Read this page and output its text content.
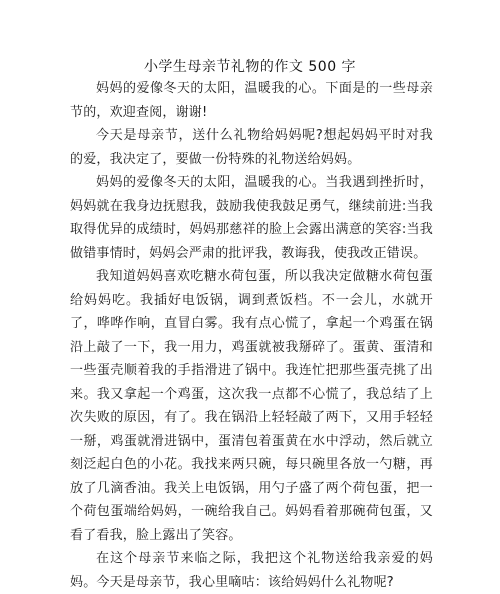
小学生母亲节礼物的作文 500 字

妈妈的爱像冬天的太阳，温暖我的心。下面是的一些母亲节的，欢迎查阅，谢谢!

今天是母亲节，送什么礼物给妈妈呢?想起妈妈平时对我的爱，我决定了，要做一份特殊的礼物送给妈妈。

妈妈的爱像冬天的太阳，温暖我的心。当我遇到挫折时，妈妈就在我身边抚慰我，鼓励我使我鼓足勇气，继续前进:当我取得优异的成绩时，妈妈那慈祥的脸上会露出满意的笑容:当我做错事情时，妈妈会严肃的批评我，教诲我，使我改正错误。

我知道妈妈喜欢吃糖水荷包蛋，所以我决定做糖水荷包蛋给妈妈吃。我插好电饭锅，调到煮饭档。不一会儿，水就开了，哗哗作响，直冒白雾。我有点心慌了，拿起一个鸡蛋在锅沿上敲了一下，我一用力，鸡蛋就被我掰碎了。蛋黄、蛋清和一些蛋壳顺着我的手指滑进了锅中。我连忙把那些蛋壳挑了出来。我又拿起一个鸡蛋，这次我一点都不心慌了，我总结了上次失败的原因，有了。我在锅沿上轻轻敲了两下，又用手轻轻一掰，鸡蛋就滑进锅中，蛋清包着蛋黄在水中浮动，然后就立刻泛起白色的小花。我找来两只碗，每只碗里各放一勺糖，再放了几滴香油。我关上电饭锅，用勺子盛了两个荷包蛋，把一个荷包蛋端给妈妈，一碗给我自己。妈妈看着那碗荷包蛋，又看了看我，脸上露出了笑容。

在这个母亲节来临之际，我把这个礼物送给我亲爱的妈妈。今天是母亲节，我心里嘀咕：该给妈妈什么礼物呢?
